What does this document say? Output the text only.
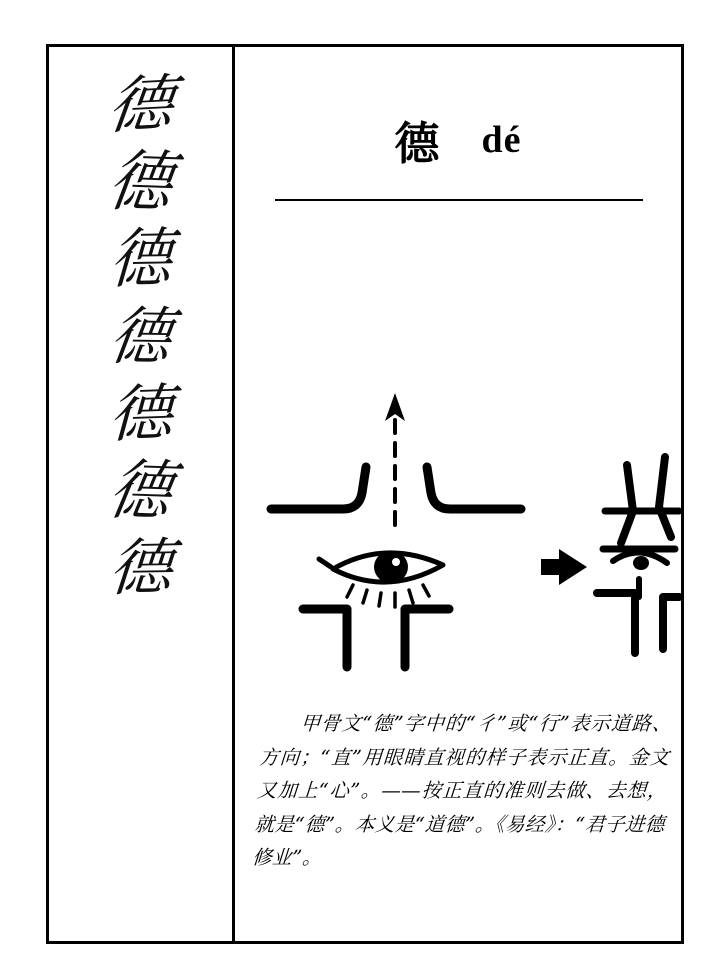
德
德
德
德
德
德
德
德 dé
甲骨文“德”字中的“彳”或“行”表示道路、方向；“直”用眼睛直视的样子表示正直。金文又加上“心”。——按正直的准则去做、去想，就是“德”。本义是“道德”。《易经》：“君子进德修业”。
